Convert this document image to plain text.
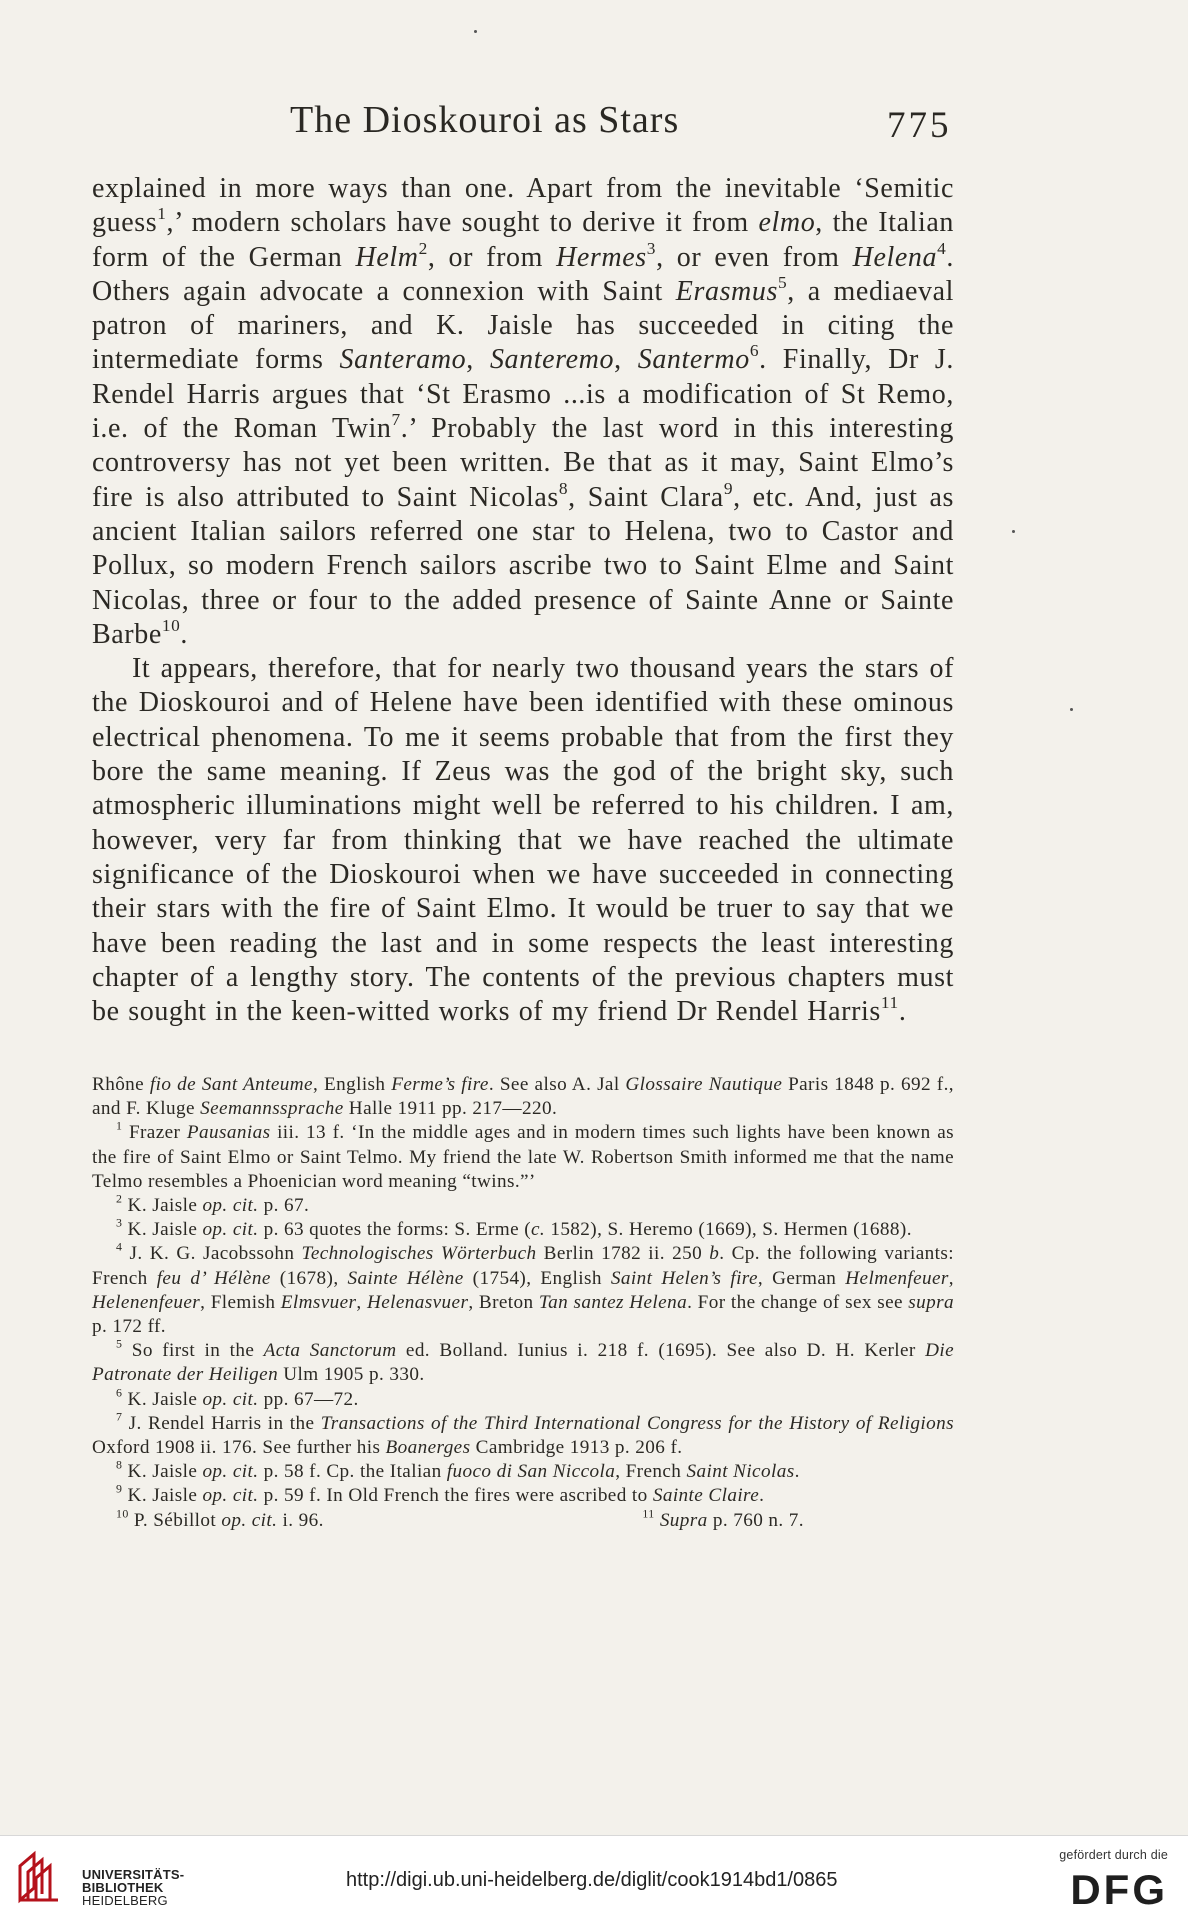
The Dioskouroi as Stars	775

explained in more ways than one. Apart from the inevitable ‘Semitic guess$^1$,’ modern scholars have sought to derive it from elmo, the Italian form of the German Helm$^2$, or from Hermes$^3$, or even from Helena$^4$. Others again advocate a connexion with Saint Erasmus$^5$, a mediaeval patron of mariners, and K. Jaisle has succeeded in citing the intermediate forms Santeramo, Santeremo, Santermo$^6$. Finally, Dr J. Rendel Harris argues that ‘St Erasmo ...is a modification of St Remo, i.e. of the Roman Twin$^7$.’ Probably the last word in this interesting controversy has not yet been written. Be that as it may, Saint Elmo’s fire is also attributed to Saint Nicolas$^8$, Saint Clara$^9$, etc. And, just as ancient Italian sailors referred one star to Helena, two to Castor and Pollux, so modern French sailors ascribe two to Saint Elme and Saint Nicolas, three or four to the added presence of Sainte Anne or Sainte Barbe$^{10}$.

It appears, therefore, that for nearly two thousand years the stars of the Dioskouroi and of Helene have been identified with these ominous electrical phenomena. To me it seems probable that from the first they bore the same meaning. If Zeus was the god of the bright sky, such atmospheric illuminations might well be referred to his children. I am, however, very far from thinking that we have reached the ultimate significance of the Dioskouroi when we have succeeded in connecting their stars with the fire of Saint Elmo. It would be truer to say that we have been reading the last and in some respects the least interesting chapter of a lengthy story. The contents of the previous chapters must be sought in the keen-witted works of my friend Dr Rendel Harris$^{11}$.

Rhône fio de Sant Anteume, English Ferme’s fire. See also A. Jal Glossaire Nautique Paris 1848 p. 692 f., and F. Kluge Seemannssprache Halle 1911 pp. 217—220.

$^1$ Frazer Pausanias iii. 13 f. ‘In the middle ages and in modern times such lights have been known as the fire of Saint Elmo or Saint Telmo. My friend the late W. Robertson Smith informed me that the name Telmo resembles a Phoenician word meaning “twins.”’

$^2$ K. Jaisle op. cit. p. 67.

$^3$ K. Jaisle op. cit. p. 63 quotes the forms: S. Erme (c. 1582), S. Heremo (1669), S. Hermen (1688).

$^4$ J. K. G. Jacobssohn Technologisches Wörterbuch Berlin 1782 ii. 250 b. Cp. the following variants: French feu d’ Hélène (1678), Sainte Hélène (1754), English Saint Helen’s fire, German Helmenfeuer, Helenenfeuer, Flemish Elmsvuer, Helenasvuer, Breton Tan santez Helena. For the change of sex see supra p. 172 ff.

$^5$ So first in the Acta Sanctorum ed. Bolland. Iunius i. 218 f. (1695). See also D. H. Kerler Die Patronate der Heiligen Ulm 1905 p. 330.

$^6$ K. Jaisle op. cit. pp. 67—72.

$^7$ J. Rendel Harris in the Transactions of the Third International Congress for the History of Religions Oxford 1908 ii. 176. See further his Boanerges Cambridge 1913 p. 206 f.

$^8$ K. Jaisle op. cit. p. 58 f. Cp. the Italian fuoco di San Niccola, French Saint Nicolas.

$^9$ K. Jaisle op. cit. p. 59 f. In Old French the fires were ascribed to Sainte Claire.

$^{10}$ P. Sébillot op. cit. i. 96.	$^{11}$ Supra p. 760 n. 7.
UNIVERSITÄTS-
BIBLIOTHEK
HEIDELBERG
http://digi.ub.uni-heidelberg.de/diglit/cook1914bd1/0865
gefördert durch die
DFG
